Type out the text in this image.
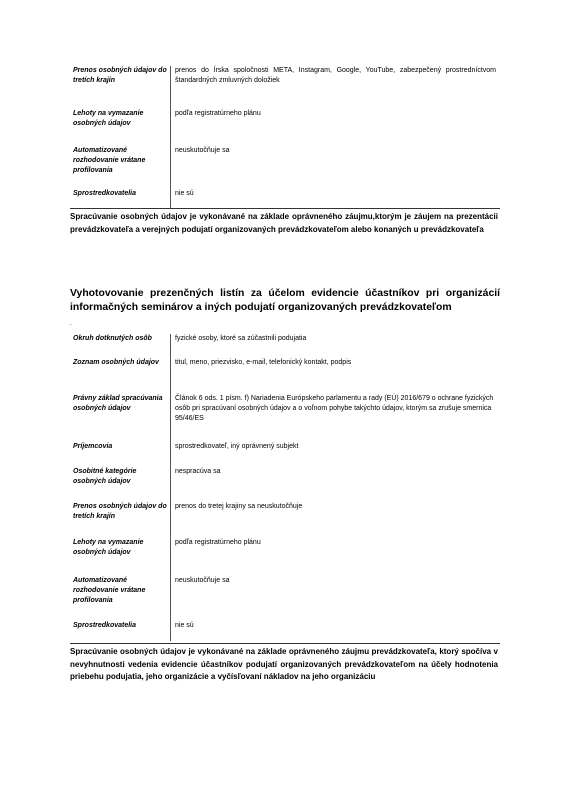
Prenos osobných údajov do tretích krajín	prenos do Írska spoločnosti META, Instagram, Google, YouTube, zabezpečený prostredníctvom štandardných zmluvných doložiek
Lehoty na vymazanie osobných údajov	podľa registratúrneho plánu
Automatizované rozhodovanie vrátane profilovania	neuskutočňuje sa
Sprostredkovatelia	nie sú
Spracúvanie osobných údajov je vykonávané na základe oprávneného záujmu,ktorým je záujem na prezentácii prevádzkovateľa a verejných podujatí organizovaných prevádzkovateľom alebo konaných u prevádzkovateľa
Vyhotovovanie prezenčných listín za účelom evidencie účastníkov pri organizácií informačných seminárov a iných podujatí organizovaných prevádzkovateľom
.
Okruh dotknutých osôb	fyzické osoby, ktoré sa zúčastnili podujatia
Zoznam osobných údajov	titul, meno, priezvisko, e-mail, telefonický kontakt, podpis
Právny základ spracúvania osobných údajov	Článok 6 ods. 1 písm. f) Nariadenia Európskeho parlamentu a rady (EÚ) 2016/679 o ochrane fyzických osôb pri spracúvaní osobných údajov a o voľnom pohybe takýchto údajov, ktorým sa zrušuje smernica 95/46/ES
Príjemcovia	sprostredkovateľ, iný oprávnený subjekt
Osobitné kategórie osobných údajov	nespracúva sa
Prenos osobných údajov do tretích krajín	prenos do tretej krajiny sa neuskutočňuje
Lehoty na vymazanie osobných údajov	podľa registratúrneho plánu
Automatizované rozhodovanie vrátane profilovania	neuskutočňuje sa
Sprostredkovatelia	nie sú
Spracúvanie osobných údajov je vykonávané na základe oprávneného záujmu prevádzkovateľa, ktorý spočíva v nevyhnutnosti vedenia evidencie účastníkov podujatí organizovaných prevádzkovateľom na účely hodnotenia priebehu podujatia, jeho organizácie a vyčísľovaní nákladov na jeho organizáciu
